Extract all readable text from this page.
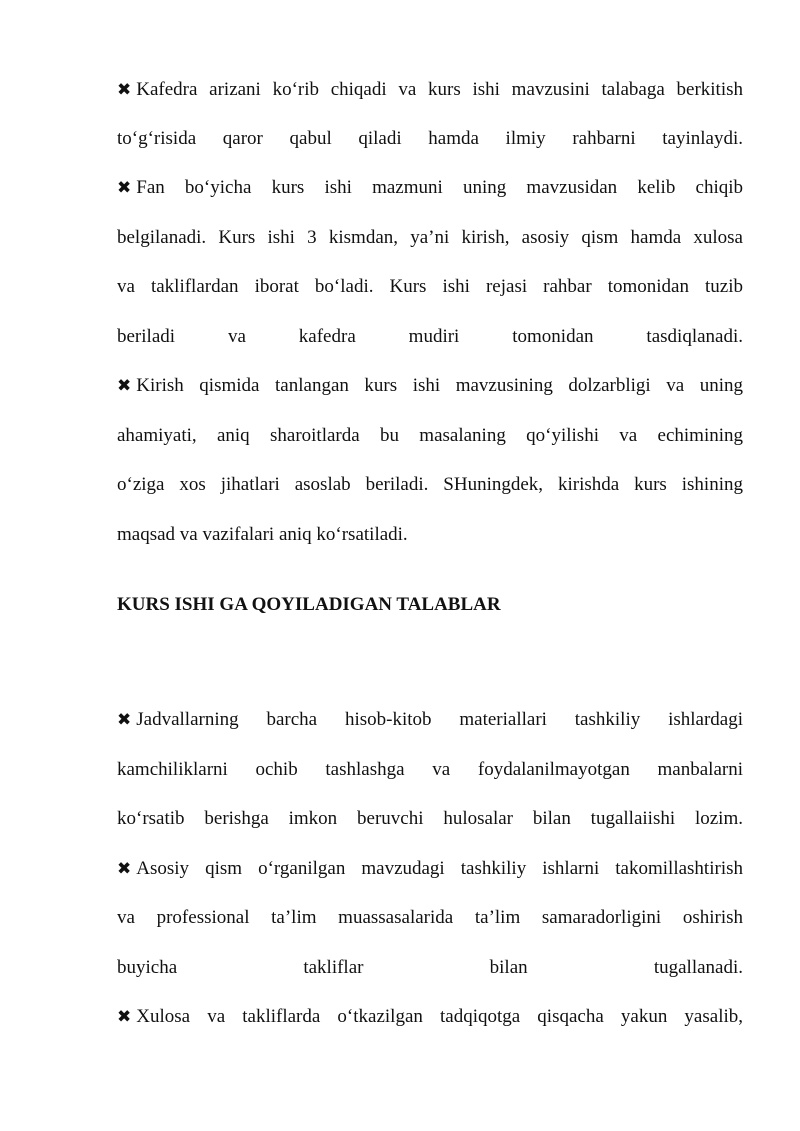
✖ Kafedra arizani ko‘rib chiqadi va kurs ishi mavzusini talabaga berkitish
to‘g‘risida qaror qabul qiladi hamda ilmiy rahbarni tayinlaydi.
✖ Fan bo‘yicha kurs ishi mazmuni uning mavzusidan kelib chiqib
belgilanadi. Kurs ishi 3 kismdan, ya’ni kirish, asosiy qism hamda xulosa
va takliflardan iborat bo‘ladi. Kurs ishi rejasi rahbar tomonidan tuzib
beriladi va kafedra mudiri tomonidan tasdiqlanadi.
✖ Kirish qismida tanlangan kurs ishi mavzusining dolzarbligi va uning
ahamiyati, aniq sharoitlarda bu masalaning qo‘yilishi va echimining
o‘ziga xos jihatlari asoslab beriladi. SHuningdek, kirishda kurs ishining
maqsad va vazifalari aniq ko‘rsatiladi.
KURS ISHI GA QOYILADIGAN TALABLAR
✖ Jadvallarning barcha hisob-kitob materiallari tashkiliy ishlardagi
kamchiliklarni ochib tashlashga va foydalanilmayotgan manbalarni
ko‘rsatib berishga imkon beruvchi hulosalar bilan tugallaiishi lozim.
✖ Asosiy qism o‘rganilgan mavzudagi tashkiliy ishlarni takomillashtirish
va professional ta’lim muassasalarida ta’lim samaradorligini oshirish
buyicha takliflar bilan tugallanadi.
✖ Xulosa va takliflarda o‘tkazilgan tadqiqotga qisqacha yakun yasalib,
